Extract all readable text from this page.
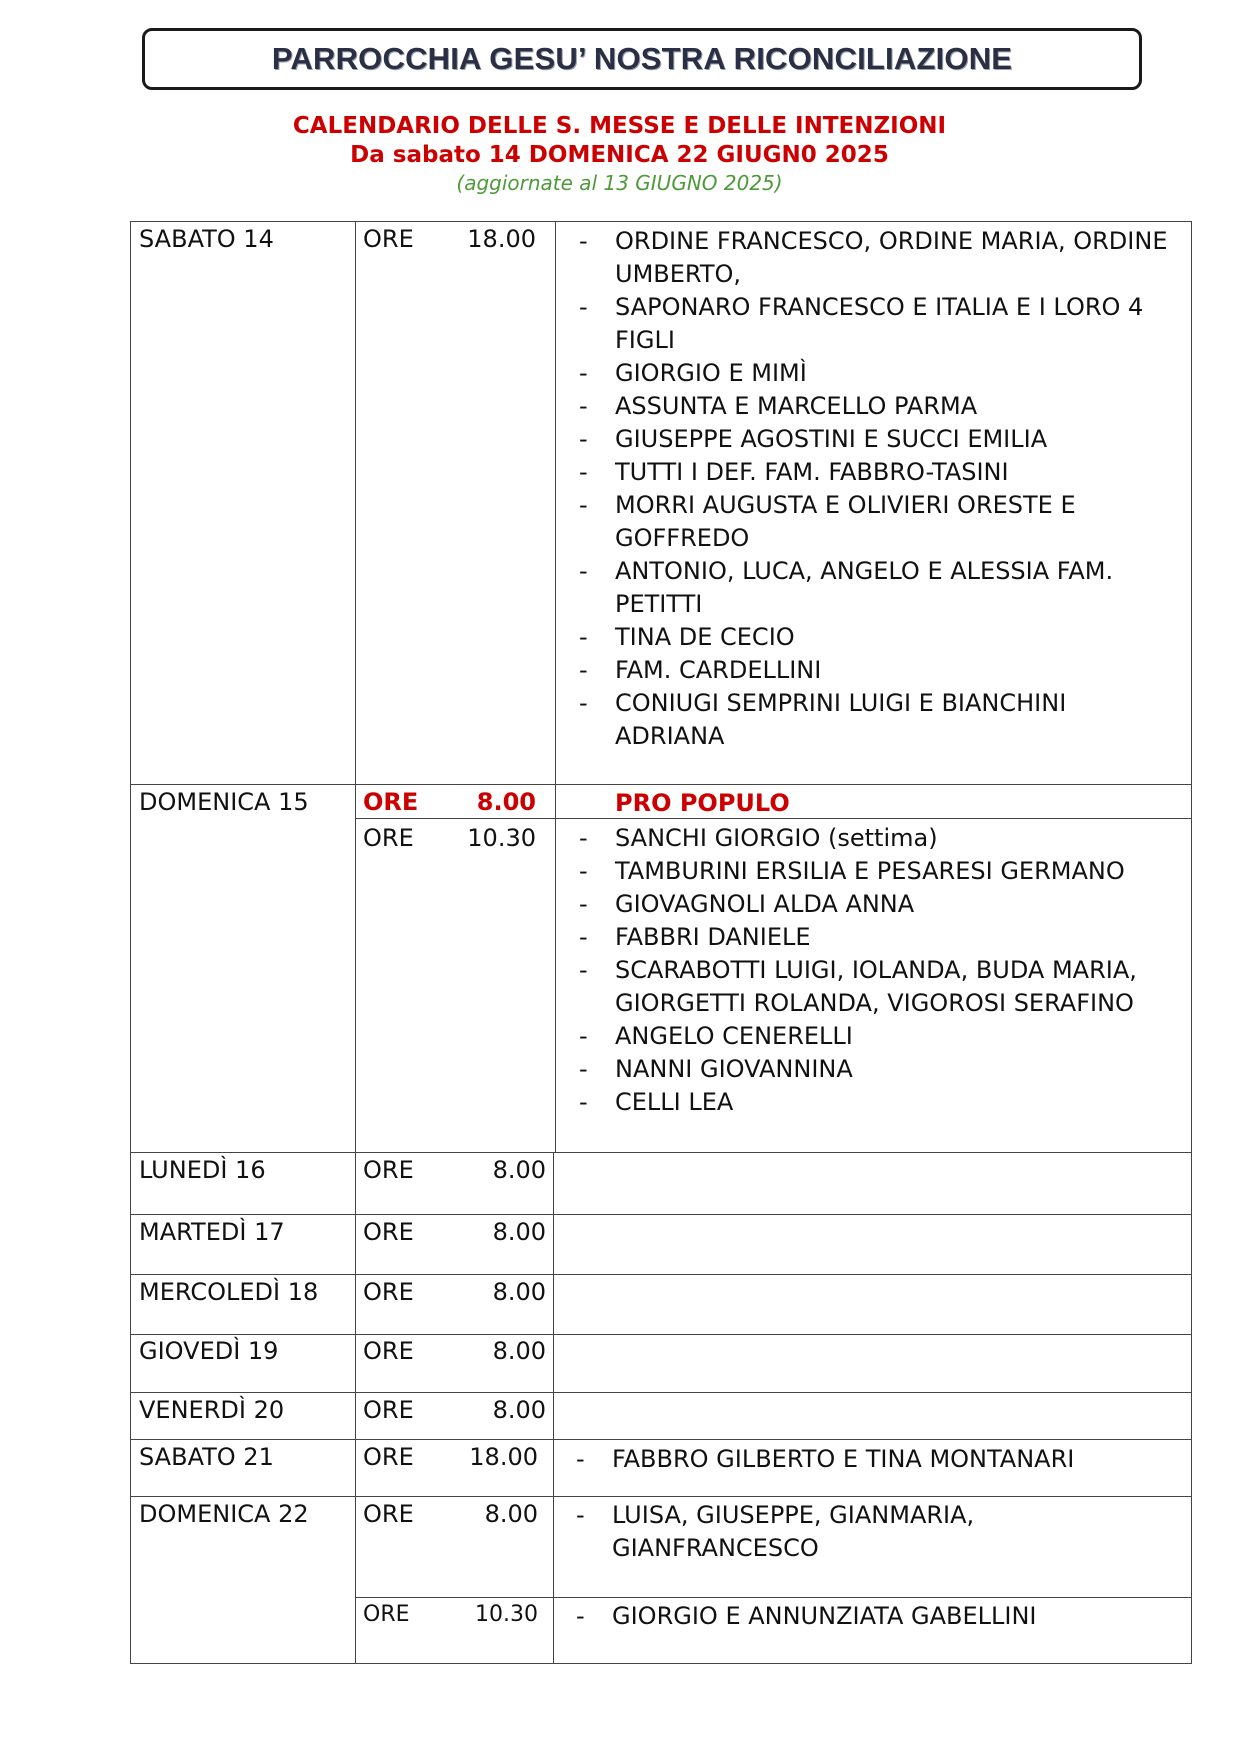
PARROCCHIA GESU’ NOSTRA RICONCILIAZIONE
CALENDARIO DELLE S. MESSE E DELLE INTENZIONI
Da sabato 14 DOMENICA 22 GIUGN0 2025
(aggiornate al 13 GIUGNO 2025)
SABATO 14	ORE	18.00 - ORDINE FRANCESCO, ORDINE MARIA, ORDINE UMBERTO,
- SAPONARO FRANCESCO E ITALIA E I LORO 4 FIGLI
- GIORGIO E MIMÌ
- ASSUNTA E MARCELLO PARMA
- GIUSEPPE AGOSTINI E SUCCI EMILIA
- TUTTI I DEF. FAM. FABBRO-TASINI
- MORRI AUGUSTA E OLIVIERI ORESTE E GOFFREDO
- ANTONIO, LUCA, ANGELO E ALESSIA FAM. PETITTI
- TINA DE CECIO
- FAM. CARDELLINI
- CONIUGI SEMPRINI LUIGI E BIANCHINI ADRIANA
DOMENICA 15 ORE	8.00	PRO POPULO
ORE	10.30 - SANCHI GIORGIO (settima)
- TAMBURINI ERSILIA E PESARESI GERMANO
- GIOVAGNOLI ALDA ANNA
- FABBRI DANIELE
- SCARABOTTI LUIGI, IOLANDA, BUDA MARIA, GIORGETTI ROLANDA, VIGOROSI SERAFINO
- ANGELO CENERELLI
- NANNI GIOVANNINA
- CELLI LEA
LUNEDÌ 16	ORE	8.00
MARTEDÌ 17	ORE	8.00
MERCOLEDÌ 18 ORE	8.00
GIOVEDÌ 19	ORE	8.00
VENERDÌ 20	ORE	8.00
SABATO 21	ORE	18.00 - FABBRO GILBERTO E TINA MONTANARI
DOMENICA 22 ORE	8.00 - LUISA, GIUSEPPE, GIANMARIA, GIANFRANCESCO
ORE	10.30 - GIORGIO E ANNUNZIATA GABELLINI
